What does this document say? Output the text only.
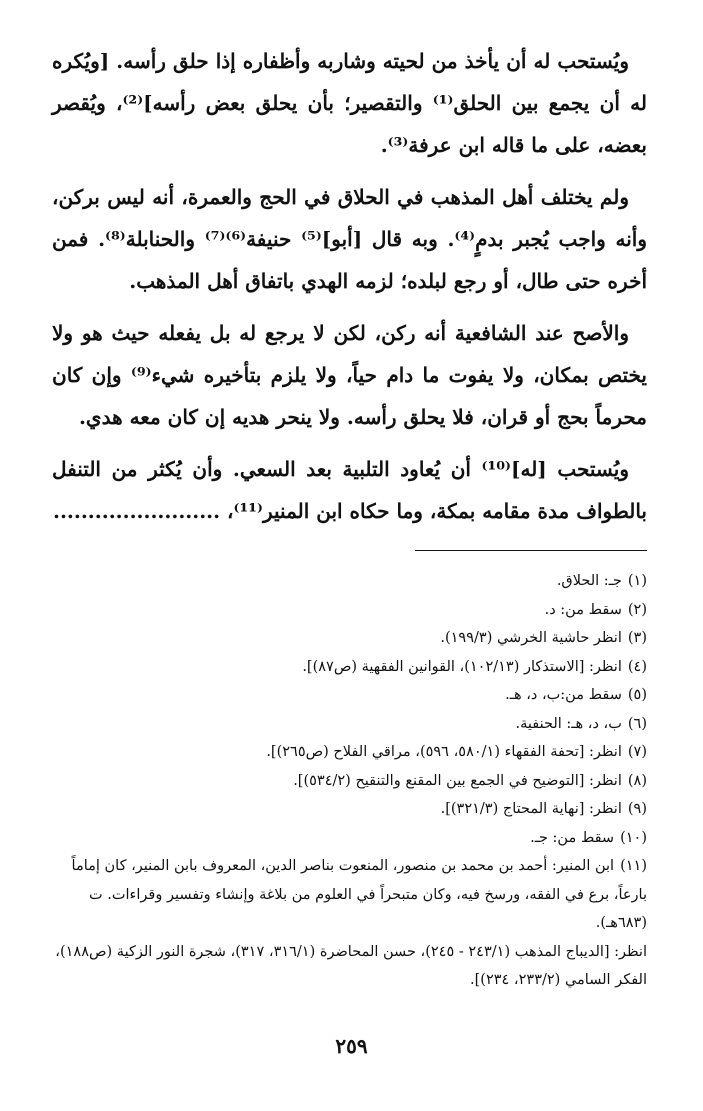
ويُستحب له أن يأخذ من لحيته وشاربه وأظفاره إذا حلق رأسه. [ويُكره له أن يجمع بين الحلق⁽¹⁾ والتقصير؛ بأن يحلق بعض رأسه]⁽²⁾، ويُقصر بعضه، على ما قاله ابن عرفة⁽³⁾.

ولم يختلف أهل المذهب في الحلاق في الحج والعمرة، أنه ليس بركن، وأنه واجب يُجبر بدمٍ⁽⁴⁾. وبه قال [أبو]⁽⁵⁾ حنيفة⁽⁶⁾⁽⁷⁾ والحنابلة⁽⁸⁾. فمن أخره حتى طال، أو رجع لبلده؛ لزمه الهدي باتفاق أهل المذهب.

والأصح عند الشافعية أنه ركن، لكن لا يرجع له بل يفعله حيث هو ولا يختص بمكان، ولا يفوت ما دام حياً، ولا يلزم بتأخيره شيء⁽⁹⁾ وإن كان محرماً بحج أو قران، فلا يحلق رأسه. ولا ينحر هديه إن كان معه هدي.

ويُستحب [له]⁽¹⁰⁾ أن يُعاود التلبية بعد السعي. وأن يُكثر من التنفل بالطواف مدة مقامه بمكة، وما حكاه ابن المنير⁽¹¹⁾، ........................

(١)جـ: الحلاق.

(٢)سقط من: د.

(٣)انظر حاشية الخرشي (١٩٩/٣).

(٤)انظر: [الاستذكار (١٠٢/١٣)، القوانين الفقهية (ص٨٧)].

(٥)سقط من:ب، د، هـ.

(٦)ب، د، هـ: الحنفية.

(٧)انظر: [تحفة الفقهاء (٥٨٠/١، ٥٩٦)، مراقي الفلاح (ص٢٦٥)].

(٨)انظر: [التوضيح في الجمع بين المقنع والتنقيح (٥٣٤/٢)].

(٩)انظر: [نهاية المحتاج (٣٢١/٣)].

(١٠)سقط من: جـ.

(١١)ابن المنير: أحمد بن محمد بن منصور، المنعوت بناصر الدين، المعروف بابن المنير، كان إماماً بارعاً، برع في الفقه، ورسخ فيه، وكان متبحراً في العلوم من بلاغة وإنشاء وتفسير وقراءات. ت (٦٨٣هـ).

انظر: [الديباج المذهب (٢٤٣/١ - ٢٤٥)، حسن المحاضرة (٣١٦/١، ٣١٧)، شجرة النور الزكية (ص١٨٨)، الفكر السامي (٢٣٣/٢، ٢٣٤)].

٢٥٩
